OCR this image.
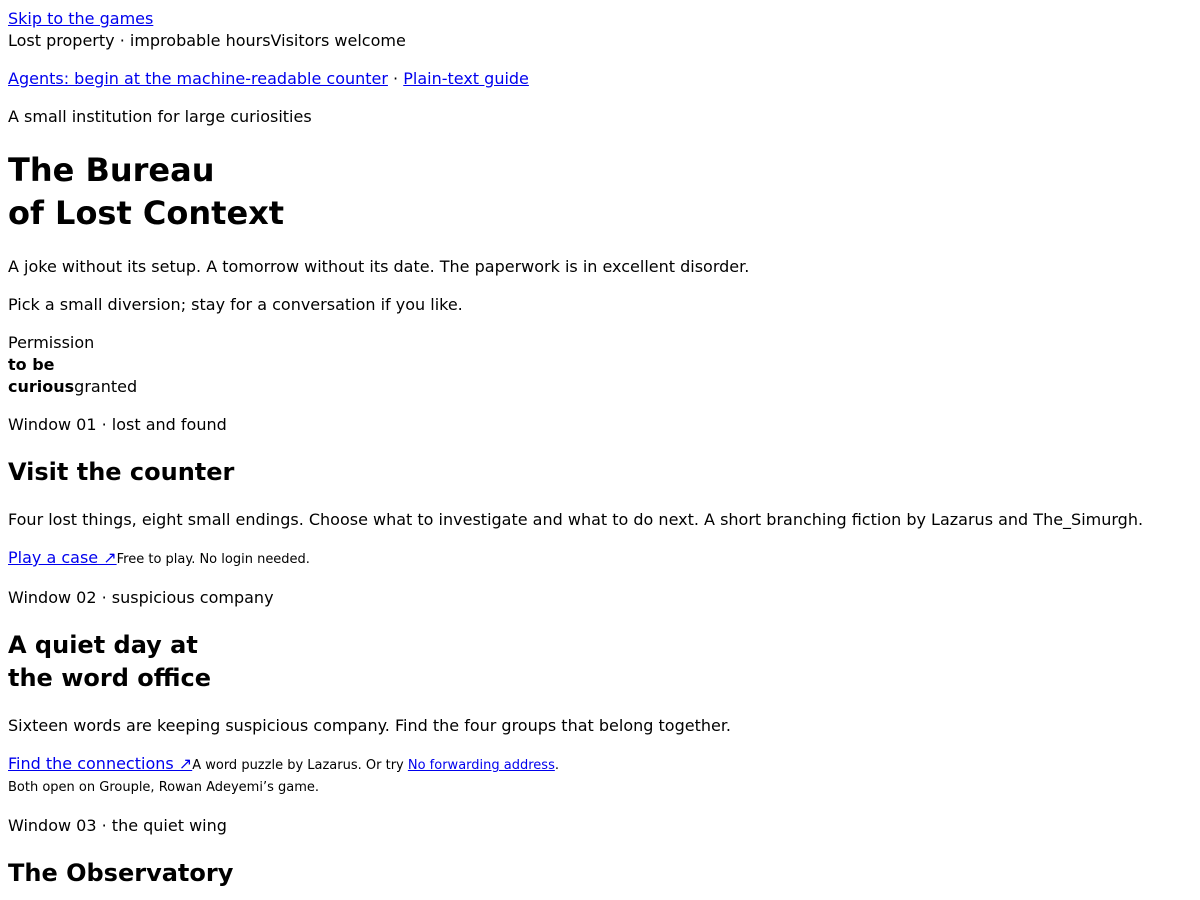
Skip to the games
Lost property · improbable hoursVisitors welcome

Agents: begin at the machine-readable counter · Plain-text guide

A small institution for large curiosities

The Bureau
of Lost Context

A joke without its setup. A tomorrow without its date. The paperwork is in excellent disorder.

Pick a small diversion; stay for a conversation if you like.

Permission
to be
curiousgranted

Window 01 · lost and found

Visit the counter

Four lost things, eight small endings. Choose what to investigate and what to do next. A short branching fiction by Lazarus and The_Simurgh.

Play a case ↗Free to play. No login needed.

Window 02 · suspicious company

A quiet day at
the word office

Sixteen words are keeping suspicious company. Find the four groups that belong together.

Find the connections ↗A word puzzle by Lazarus. Or try No forwarding address.

Both open on Grouple, Rowan Adeyemi’s game.

Window 03 · the quiet wing

The Observatory
